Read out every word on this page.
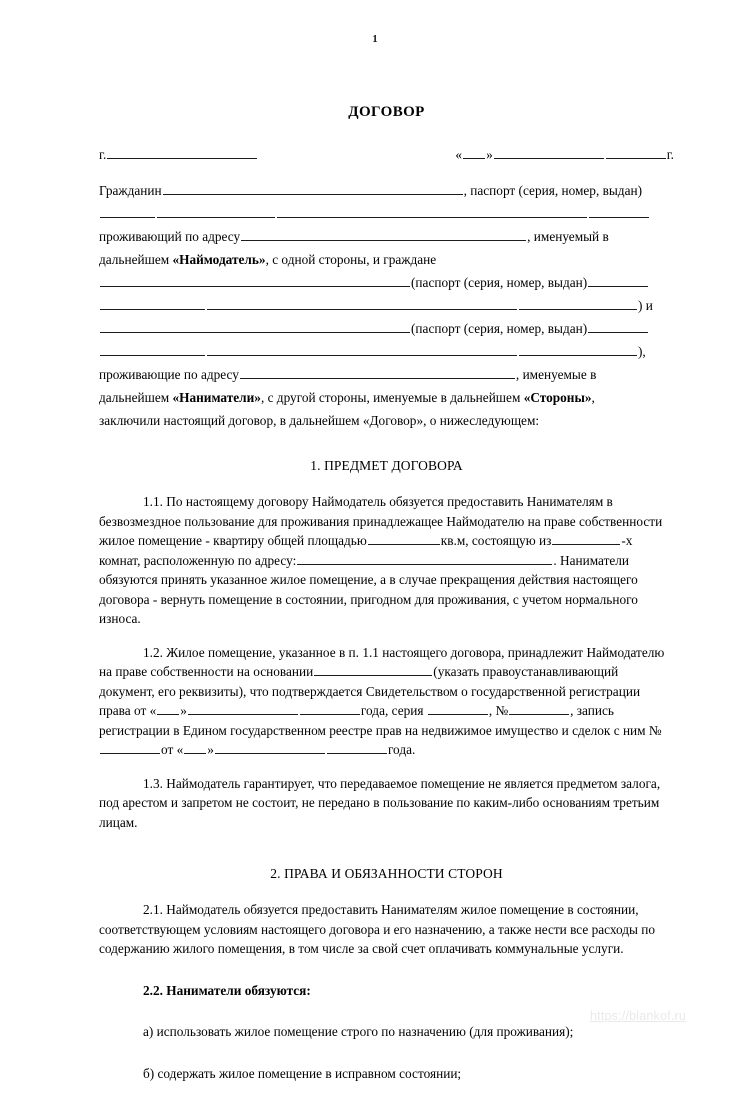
1
ДОГОВОР
г.	« »	г.
Гражданин	, паспорт (серия, номер, выдан)
проживающий по адресу	, именуемый в
дальнейшем «Наймодатель», с одной стороны, и граждане
(паспорт (серия, номер, выдан)
) и
(паспорт (серия, номер, выдан)
),
проживающие по адресу	, именуемые в
дальнейшем «Наниматели», с другой стороны, именуемые в дальнейшем «Стороны»,
заключили настоящий договор, в дальнейшем «Договор», о нижеследующем:
1. ПРЕДМЕТ ДОГОВОРА

1.1. По настоящему договору Наймодатель обязуется предоставить Нанимателям в безвозмездное пользование для проживания принадлежащее Наймодателю на праве собственности жилое помещение - квартиру общей площадью	кв.м, состоящую из	-х комнат, расположенную по адресу:	. Наниматели обязуются принять указанное жилое помещение, а в случае прекращения действия настоящего договора - вернуть помещение в состоянии, пригодном для проживания, с учетом нормального износа.

1.2. Жилое помещение, указанное в п. 1.1 настоящего договора, принадлежит Наймодателю на праве собственности на основании	(указать правоустанавливающий документ, его реквизиты), что подтверждается Свидетельством о государственной регистрации права от « »	года, серия	, №	, запись регистрации в Едином государственном реестре прав на недвижимое имущество и сделок с ним №от « »	года.

1.3. Наймодатель гарантирует, что передаваемое помещение не является предметом залога, под арестом и запретом не состоит, не передано в пользование по каким-либо основаниям третьим лицам.

2. ПРАВА И ОБЯЗАННОСТИ СТОРОН

2.1. Наймодатель обязуется предоставить Нанимателям жилое помещение в состоянии, соответствующем условиям настоящего договора и его назначению, а также нести все расходы по содержанию жилого помещения, в том числе за свой счет оплачивать коммунальные услуги.

2.2. Наниматели обязуются:

а) использовать жилое помещение строго по назначению (для проживания);

б) содержать жилое помещение в исправном состоянии;

https://blankof.ru
